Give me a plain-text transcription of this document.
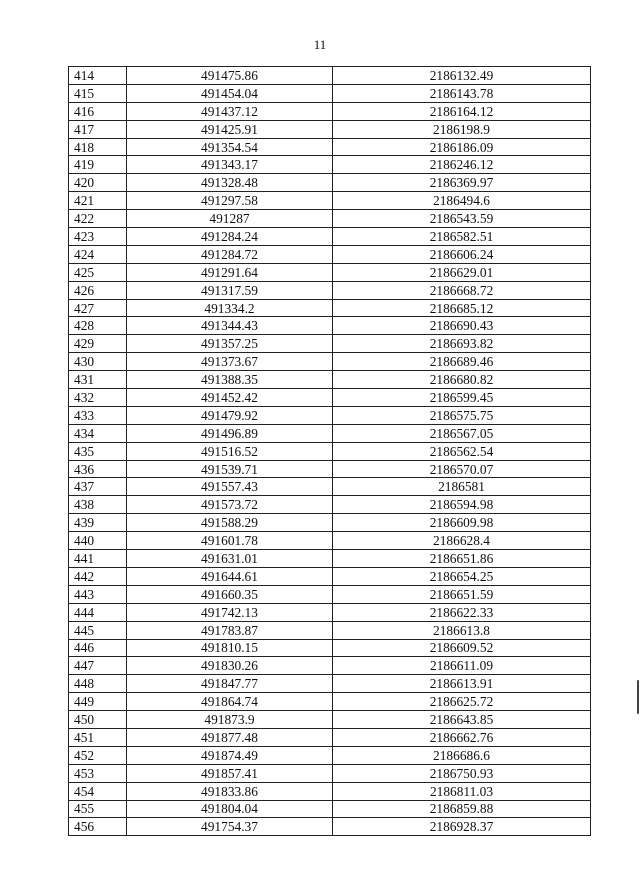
11
414	491475.86	2186132.49
415	491454.04	2186143.78
416	491437.12	2186164.12
417	491425.91	2186198.9
418	491354.54	2186186.09
419	491343.17	2186246.12
420	491328.48	2186369.97
421	491297.58	2186494.6
422	491287	2186543.59
423	491284.24	2186582.51
424	491284.72	2186606.24
425	491291.64	2186629.01
426	491317.59	2186668.72
427	491334.2	2186685.12
428	491344.43	2186690.43
429	491357.25	2186693.82
430	491373.67	2186689.46
431	491388.35	2186680.82
432	491452.42	2186599.45
433	491479.92	2186575.75
434	491496.89	2186567.05
435	491516.52	2186562.54
436	491539.71	2186570.07
437	491557.43	2186581
438	491573.72	2186594.98
439	491588.29	2186609.98
440	491601.78	2186628.4
441	491631.01	2186651.86
442	491644.61	2186654.25
443	491660.35	2186651.59
444	491742.13	2186622.33
445	491783.87	2186613.8
446	491810.15	2186609.52
447	491830.26	2186611.09
448	491847.77	2186613.91
449	491864.74	2186625.72
450	491873.9	2186643.85
451	491877.48	2186662.76
452	491874.49	2186686.6
453	491857.41	2186750.93
454	491833.86	2186811.03
455	491804.04	2186859.88
456	491754.37	2186928.37
